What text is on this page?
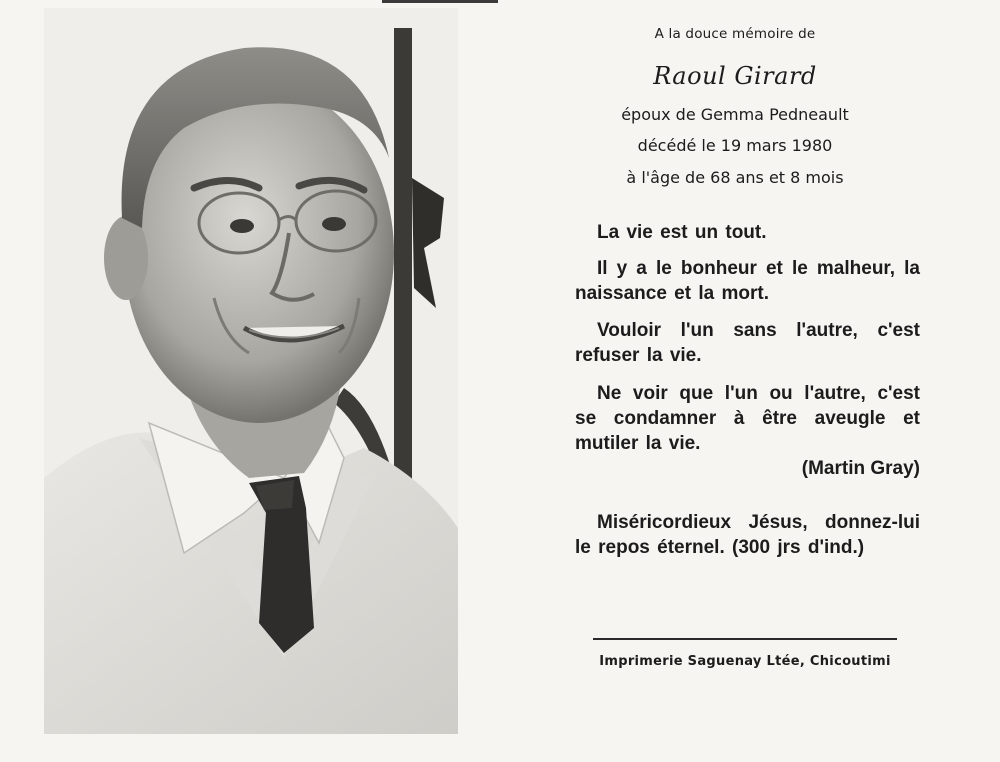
A la douce mémoire de
Raoul Girard
époux de Gemma Pedneault
décédé le 19 mars 1980
à l'âge de 68 ans et 8 mois
La vie est un tout.
Il y a le bonheur et le malheur, la naissance et la mort.
Vouloir l'un sans l'autre, c'est refuser la vie.
Ne voir que l'un ou l'autre, c'est se condamner à être aveugle et mutiler la vie.
(Martin Gray)
Miséricordieux Jésus, donnez-lui le repos éternel. (300 jrs d'ind.)
Imprimerie Saguenay Ltée, Chicoutimi
